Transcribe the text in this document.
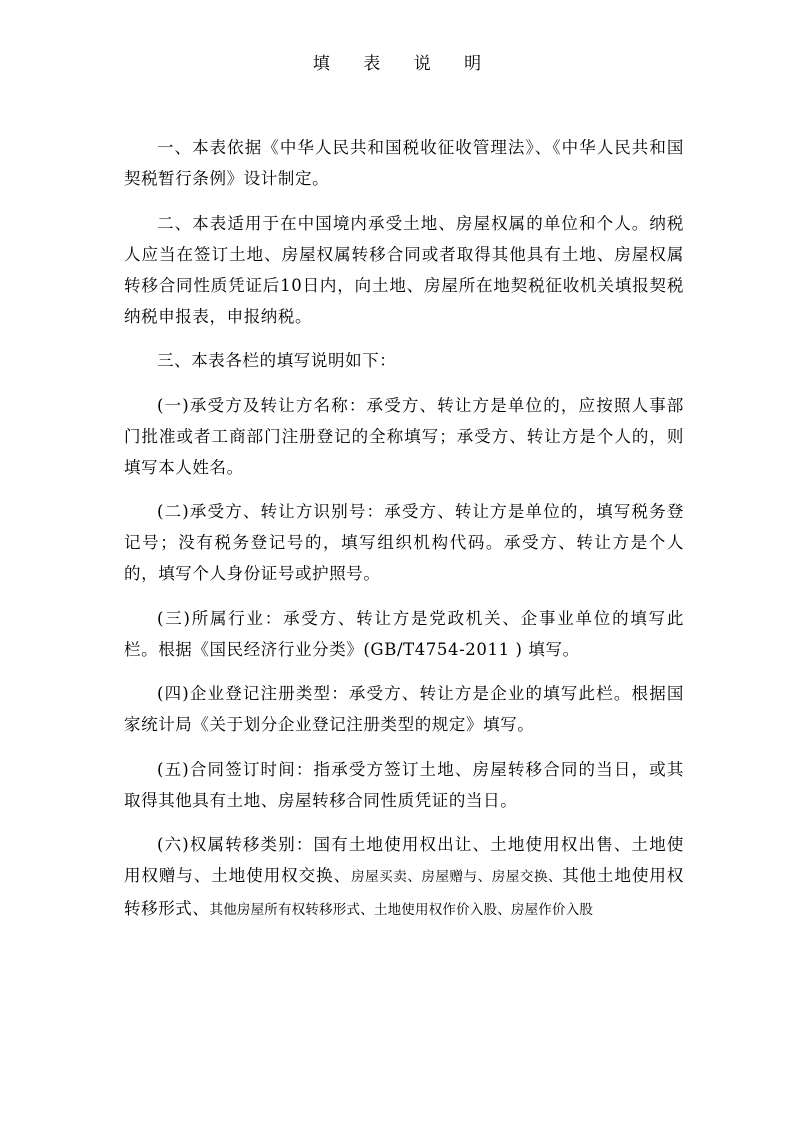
填 表 说 明

一、本表依据《中华人民共和国税收征收管理法》、《中华人民共和国契税暂行条例》设计制定。

二、本表适用于在中国境内承受土地、房屋权属的单位和个人。纳税人应当在签订土地、房屋权属转移合同或者取得其他具有土地、房屋权属转移合同性质凭证后10日内，向土地、房屋所在地契税征收机关填报契税纳税申报表，申报纳税。

三、本表各栏的填写说明如下：

(一)承受方及转让方名称：承受方、转让方是单位的，应按照人事部门批准或者工商部门注册登记的全称填写；承受方、转让方是个人的，则填写本人姓名。

(二)承受方、转让方识别号：承受方、转让方是单位的，填写税务登记号；没有税务登记号的，填写组织机构代码。承受方、转让方是个人的，填写个人身份证号或护照号。

(三)所属行业：承受方、转让方是党政机关、企事业单位的填写此栏。根据《国民经济行业分类》(GB/T4754-2011 ) 填写。

(四)企业登记注册类型：承受方、转让方是企业的填写此栏。根据国家统计局《关于划分企业登记注册类型的规定》填写。

(五)合同签订时间：指承受方签订土地、房屋转移合同的当日，或其取得其他具有土地、房屋转移合同性质凭证的当日。

(六)权属转移类别：国有土地使用权出让、土地使用权出售、土地使用权赠与、土地使用权交换、房屋买卖、房屋赠与、房屋交换、其他土地使用权转移形式、其他房屋所有权转移形式、土地使用权作价入股、房屋作价入股
